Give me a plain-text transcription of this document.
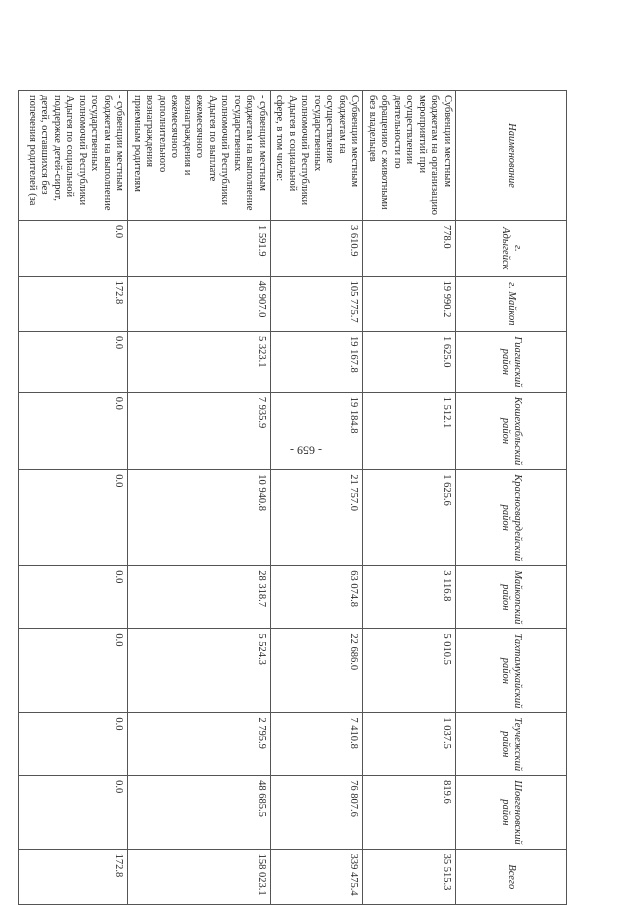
- 659 -
Наименование	г. Адыгейск	г. Майкоп	Гиагинский район	Кошехабльский район	Красногвардейский район	Майкопский район	Тахтамукайский район	Теучежский район	Шовгеновский район	Всего
Субвенции местным бюджетам на организацию мероприятий при осуществлении деятельности по обращению с животными без владельцев	778.0	19 990.2	1 625.0	1 512.1	1 625.6	3 116.8	5 010.5	1 037.5	819.6	35 515.3
Субвенции местным бюджетам на осуществление государственных полномочий Республики Адыгея в социальной сфере, в том числе:	3 610.9	105 775.7	19 167.8	19 184.8	21 757.0	63 074.8	22 686.0	7 410.8	76 807.6	339 475.4
- субвенции местным бюджетам на выполнение государственных полномочий Республики Адыгея по выплате ежемесячного вознаграждения и ежемесячного дополнительного вознаграждения приемным родителям	1 591.9	46 907.0	5 323.1	7 935.9	10 940.8	28 318.7	5 524.3	2 795.9	48 685.5	158 023.1
- субвенции местным бюджетам на выполнение государственных полномочий Республики Адыгея по социальной поддержке детей-сирот, детей, оставшихся без попечения родителей (за	0.0	172.8	0.0	0.0	0.0	0.0	0.0	0.0	0.0	172.8
